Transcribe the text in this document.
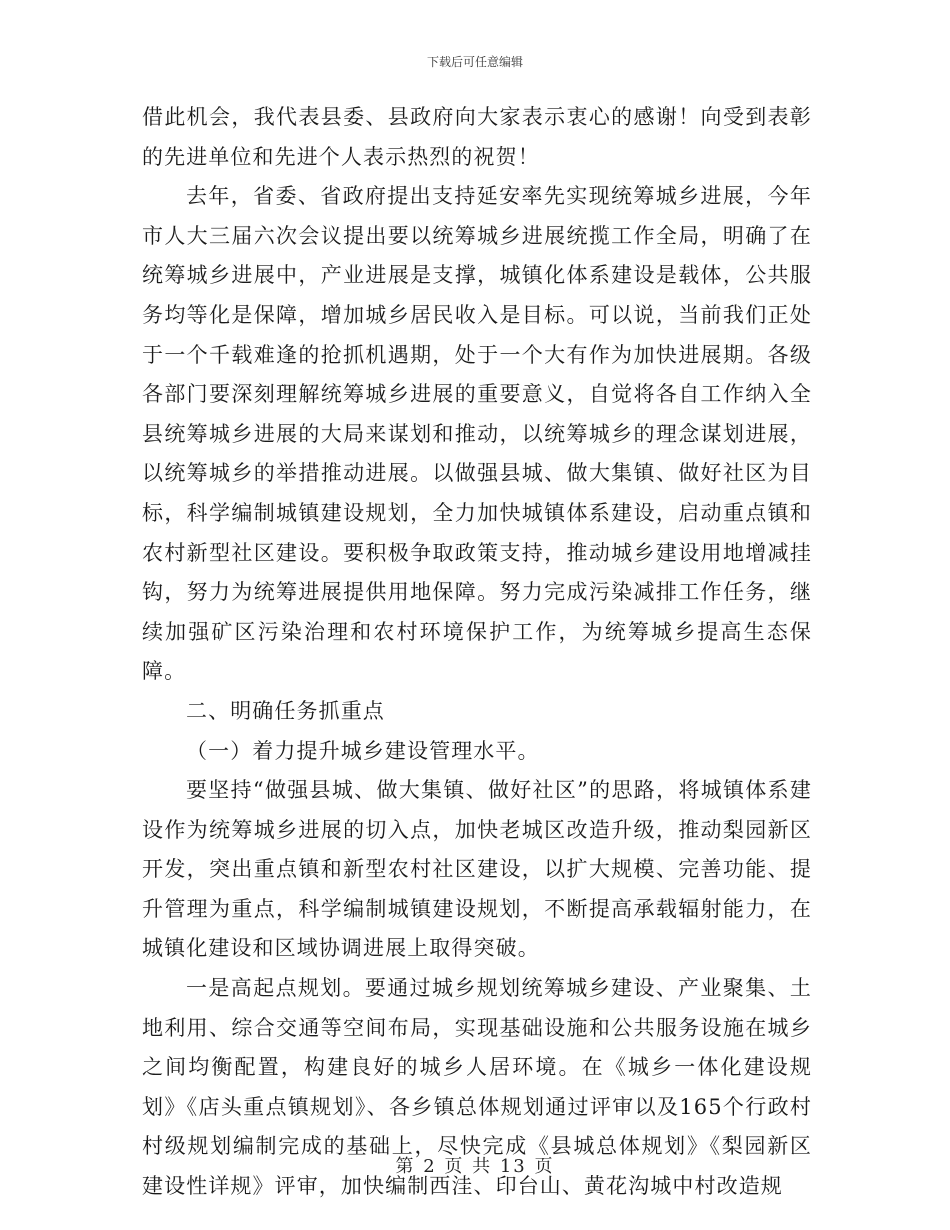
下载后可任意编辑

借此机会，我代表县委、县政府向大家表示衷心的感谢！向受到表彰的先进单位和先进个人表示热烈的祝贺！

去年，省委、省政府提出支持延安率先实现统筹城乡进展，今年市人大三届六次会议提出要以统筹城乡进展统揽工作全局，明确了在统筹城乡进展中，产业进展是支撑，城镇化体系建设是载体，公共服务均等化是保障，增加城乡居民收入是目标。可以说，当前我们正处于一个千载难逢的抢抓机遇期，处于一个大有作为加快进展期。各级各部门要深刻理解统筹城乡进展的重要意义，自觉将各自工作纳入全县统筹城乡进展的大局来谋划和推动，以统筹城乡的理念谋划进展，以统筹城乡的举措推动进展。以做强县城、做大集镇、做好社区为目标，科学编制城镇建设规划，全力加快城镇体系建设，启动重点镇和农村新型社区建设。要积极争取政策支持，推动城乡建设用地增减挂钩，努力为统筹进展提供用地保障。努力完成污染减排工作任务，继续加强矿区污染治理和农村环境保护工作，为统筹城乡提高生态保障。

二、明确任务抓重点

（一）着力提升城乡建设管理水平。

要坚持“做强县城、做大集镇、做好社区”的思路，将城镇体系建设作为统筹城乡进展的切入点，加快老城区改造升级，推动梨园新区开发，突出重点镇和新型农村社区建设，以扩大规模、完善功能、提升管理为重点，科学编制城镇建设规划，不断提高承载辐射能力，在城镇化建设和区域协调进展上取得突破。

一是高起点规划。要通过城乡规划统筹城乡建设、产业聚集、土地利用、综合交通等空间布局，实现基础设施和公共服务设施在城乡之间均衡配置，构建良好的城乡人居环境。在《城乡一体化建设规划》《店头重点镇规划》、各乡镇总体规划通过评审以及165个行政村村级规划编制完成的基础上，尽快完成《县城总体规划》《梨园新区建设性详规》评审，加快编制西洼、印台山、黄花沟城中村改造规

第 2 页 共 13 页
